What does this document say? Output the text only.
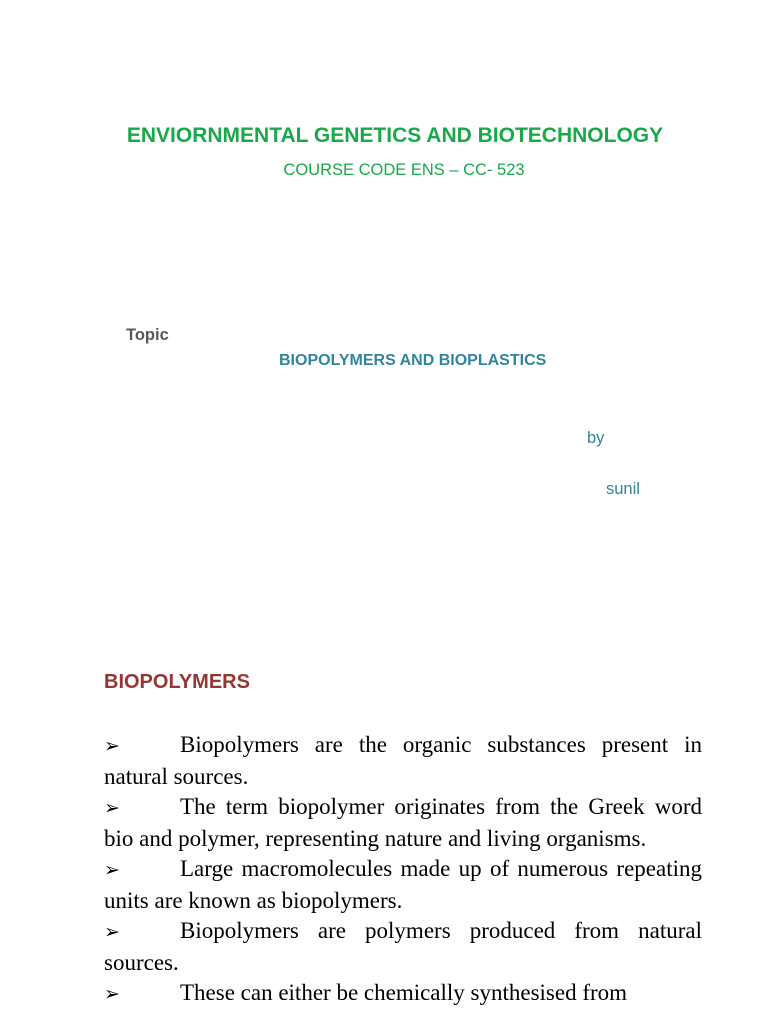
ENVIORNMENTAL GENETICS AND BIOTECHNOLOGY
COURSE CODE ENS – CC- 523
Topic
BIOPOLYMERS AND BIOPLASTICS
by
sunil
BIOPOLYMERS
➢	Biopolymers are the organic substances present in natural sources.
➢	The term biopolymer originates from the Greek word bio and polymer, representing nature and living organisms.
➢	Large macromolecules made up of numerous repeating units are known as biopolymers.
➢	Biopolymers are polymers produced from natural sources.
➢	These can either be chemically synthesised from
